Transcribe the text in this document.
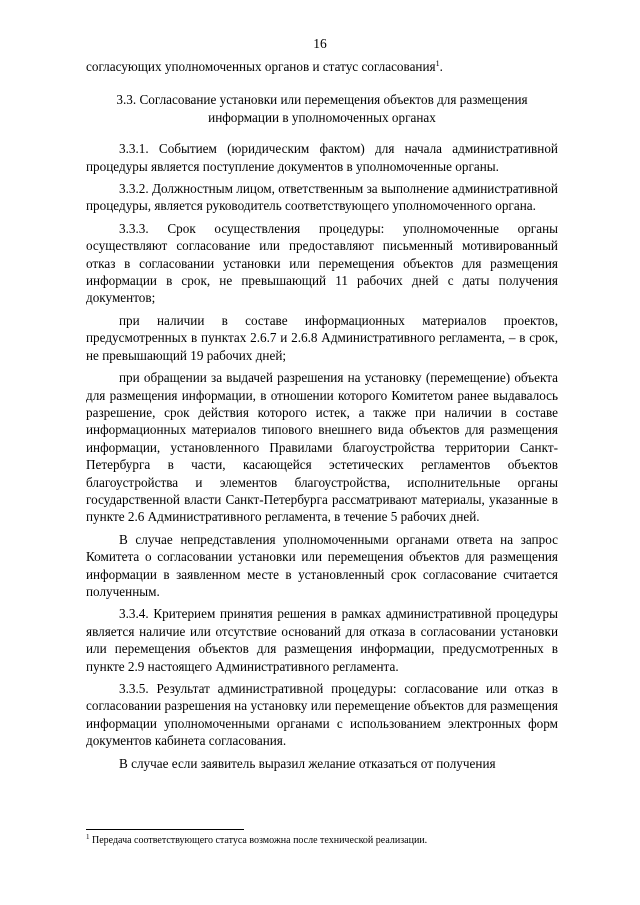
16

согласующих уполномоченных органов и статус согласования$^1$.

3.3. Согласование установки или перемещения объектов для размещения информации в уполномоченных органах

3.3.1. Событием (юридическим фактом) для начала административной процедуры является поступление документов в уполномоченные органы.

3.3.2. Должностным лицом, ответственным за выполнение административной процедуры, является руководитель соответствующего уполномоченного органа.

3.3.3. Срок осуществления процедуры: уполномоченные органы осуществляют согласование или предоставляют письменный мотивированный отказ в согласовании установки или перемещения объектов для размещения информации в срок, не превышающий 11 рабочих дней с даты получения документов;

при наличии в составе информационных материалов проектов, предусмотренных в пунктах 2.6.7 и 2.6.8 Административного регламента, – в срок, не превышающий 19 рабочих дней;

при обращении за выдачей разрешения на установку (перемещение) объекта для размещения информации, в отношении которого Комитетом ранее выдавалось разрешение, срок действия которого истек, а также при наличии в составе информационных материалов типового внешнего вида объектов для размещения информации, установленного Правилами благоустройства территории Санкт-Петербурга в части, касающейся эстетических регламентов объектов благоустройства и элементов благоустройства, исполнительные органы государственной власти Санкт-Петербурга рассматривают материалы, указанные в пункте 2.6 Административного регламента, в течение 5 рабочих дней.

В случае непредставления уполномоченными органами ответа на запрос Комитета о согласовании установки или перемещения объектов для размещения информации в заявленном месте в установленный срок согласование считается полученным.

3.3.4. Критерием принятия решения в рамках административной процедуры является наличие или отсутствие оснований для отказа в согласовании установки или перемещения объектов для размещения информации, предусмотренных в пункте 2.9 настоящего Административного регламента.

3.3.5. Результат административной процедуры: согласование или отказ в согласовании разрешения на установку или перемещение объектов для размещения информации уполномоченными органами с использованием электронных форм документов кабинета согласования.

В случае если заявитель выразил желание отказаться от получения

$^1$ Передача соответствующего статуса возможна после технической реализации.
